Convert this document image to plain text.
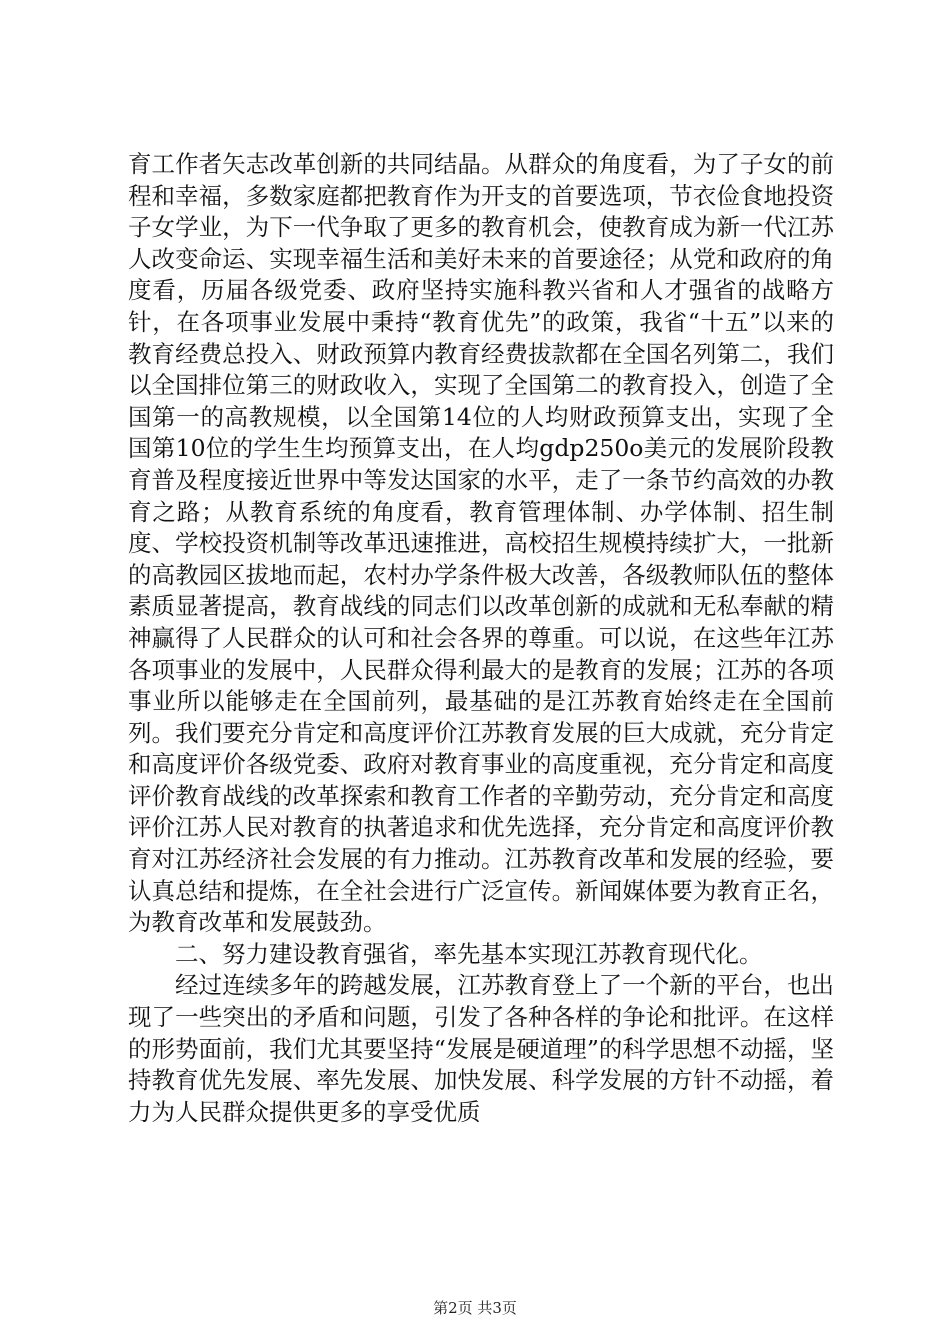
育工作者矢志改革创新的共同结晶。从群众的角度看，为了子女的前程和幸福，多数家庭都把教育作为开支的首要选项，节衣俭食地投资子女学业，为下一代争取了更多的教育机会，使教育成为新一代江苏人改变命运、实现幸福生活和美好未来的首要途径；从党和政府的角度看，历届各级党委、政府坚持实施科教兴省和人才强省的战略方针，在各项事业发展中秉持“教育优先”的政策，我省“十五”以来的教育经费总投入、财政预算内教育经费拔款都在全国名列第二，我们以全国排位第三的财政收入，实现了全国第二的教育投入，创造了全国第一的高教规模，以全国第14位的人均财政预算支出，实现了全国第10位的学生生均预算支出，在人均gdp250o美元的发展阶段教育普及程度接近世界中等发达国家的水平，走了一条节约高效的办教育之路；从教育系统的角度看，教育管理体制、办学体制、招生制度、学校投资机制等改革迅速推进，高校招生规模持续扩大，一批新的高教园区拔地而起，农村办学条件极大改善，各级教师队伍的整体素质显著提高，教育战线的同志们以改革创新的成就和无私奉献的精神赢得了人民群众的认可和社会各界的尊重。可以说，在这些年江苏各项事业的发展中，人民群众得利最大的是教育的发展；江苏的各项事业所以能够走在全国前列，最基础的是江苏教育始终走在全国前列。我们要充分肯定和高度评价江苏教育发展的巨大成就，充分肯定和高度评价各级党委、政府对教育事业的高度重视，充分肯定和高度评价教育战线的改革探索和教育工作者的辛勤劳动，充分肯定和高度评价江苏人民对教育的执著追求和优先选择，充分肯定和高度评价教育对江苏经济社会发展的有力推动。江苏教育改革和发展的经验，要认真总结和提炼，在全社会进行广泛宣传。新闻媒体要为教育正名，为教育改革和发展鼓劲。

二、努力建设教育强省，率先基本实现江苏教育现代化。

经过连续多年的跨越发展，江苏教育登上了一个新的平台，也出现了一些突出的矛盾和问题，引发了各种各样的争论和批评。在这样的形势面前，我们尤其要坚持“发展是硬道理”的科学思想不动摇，坚持教育优先发展、率先发展、加快发展、科学发展的方针不动摇，着力为人民群众提供更多的享受优质

第2页 共3页
